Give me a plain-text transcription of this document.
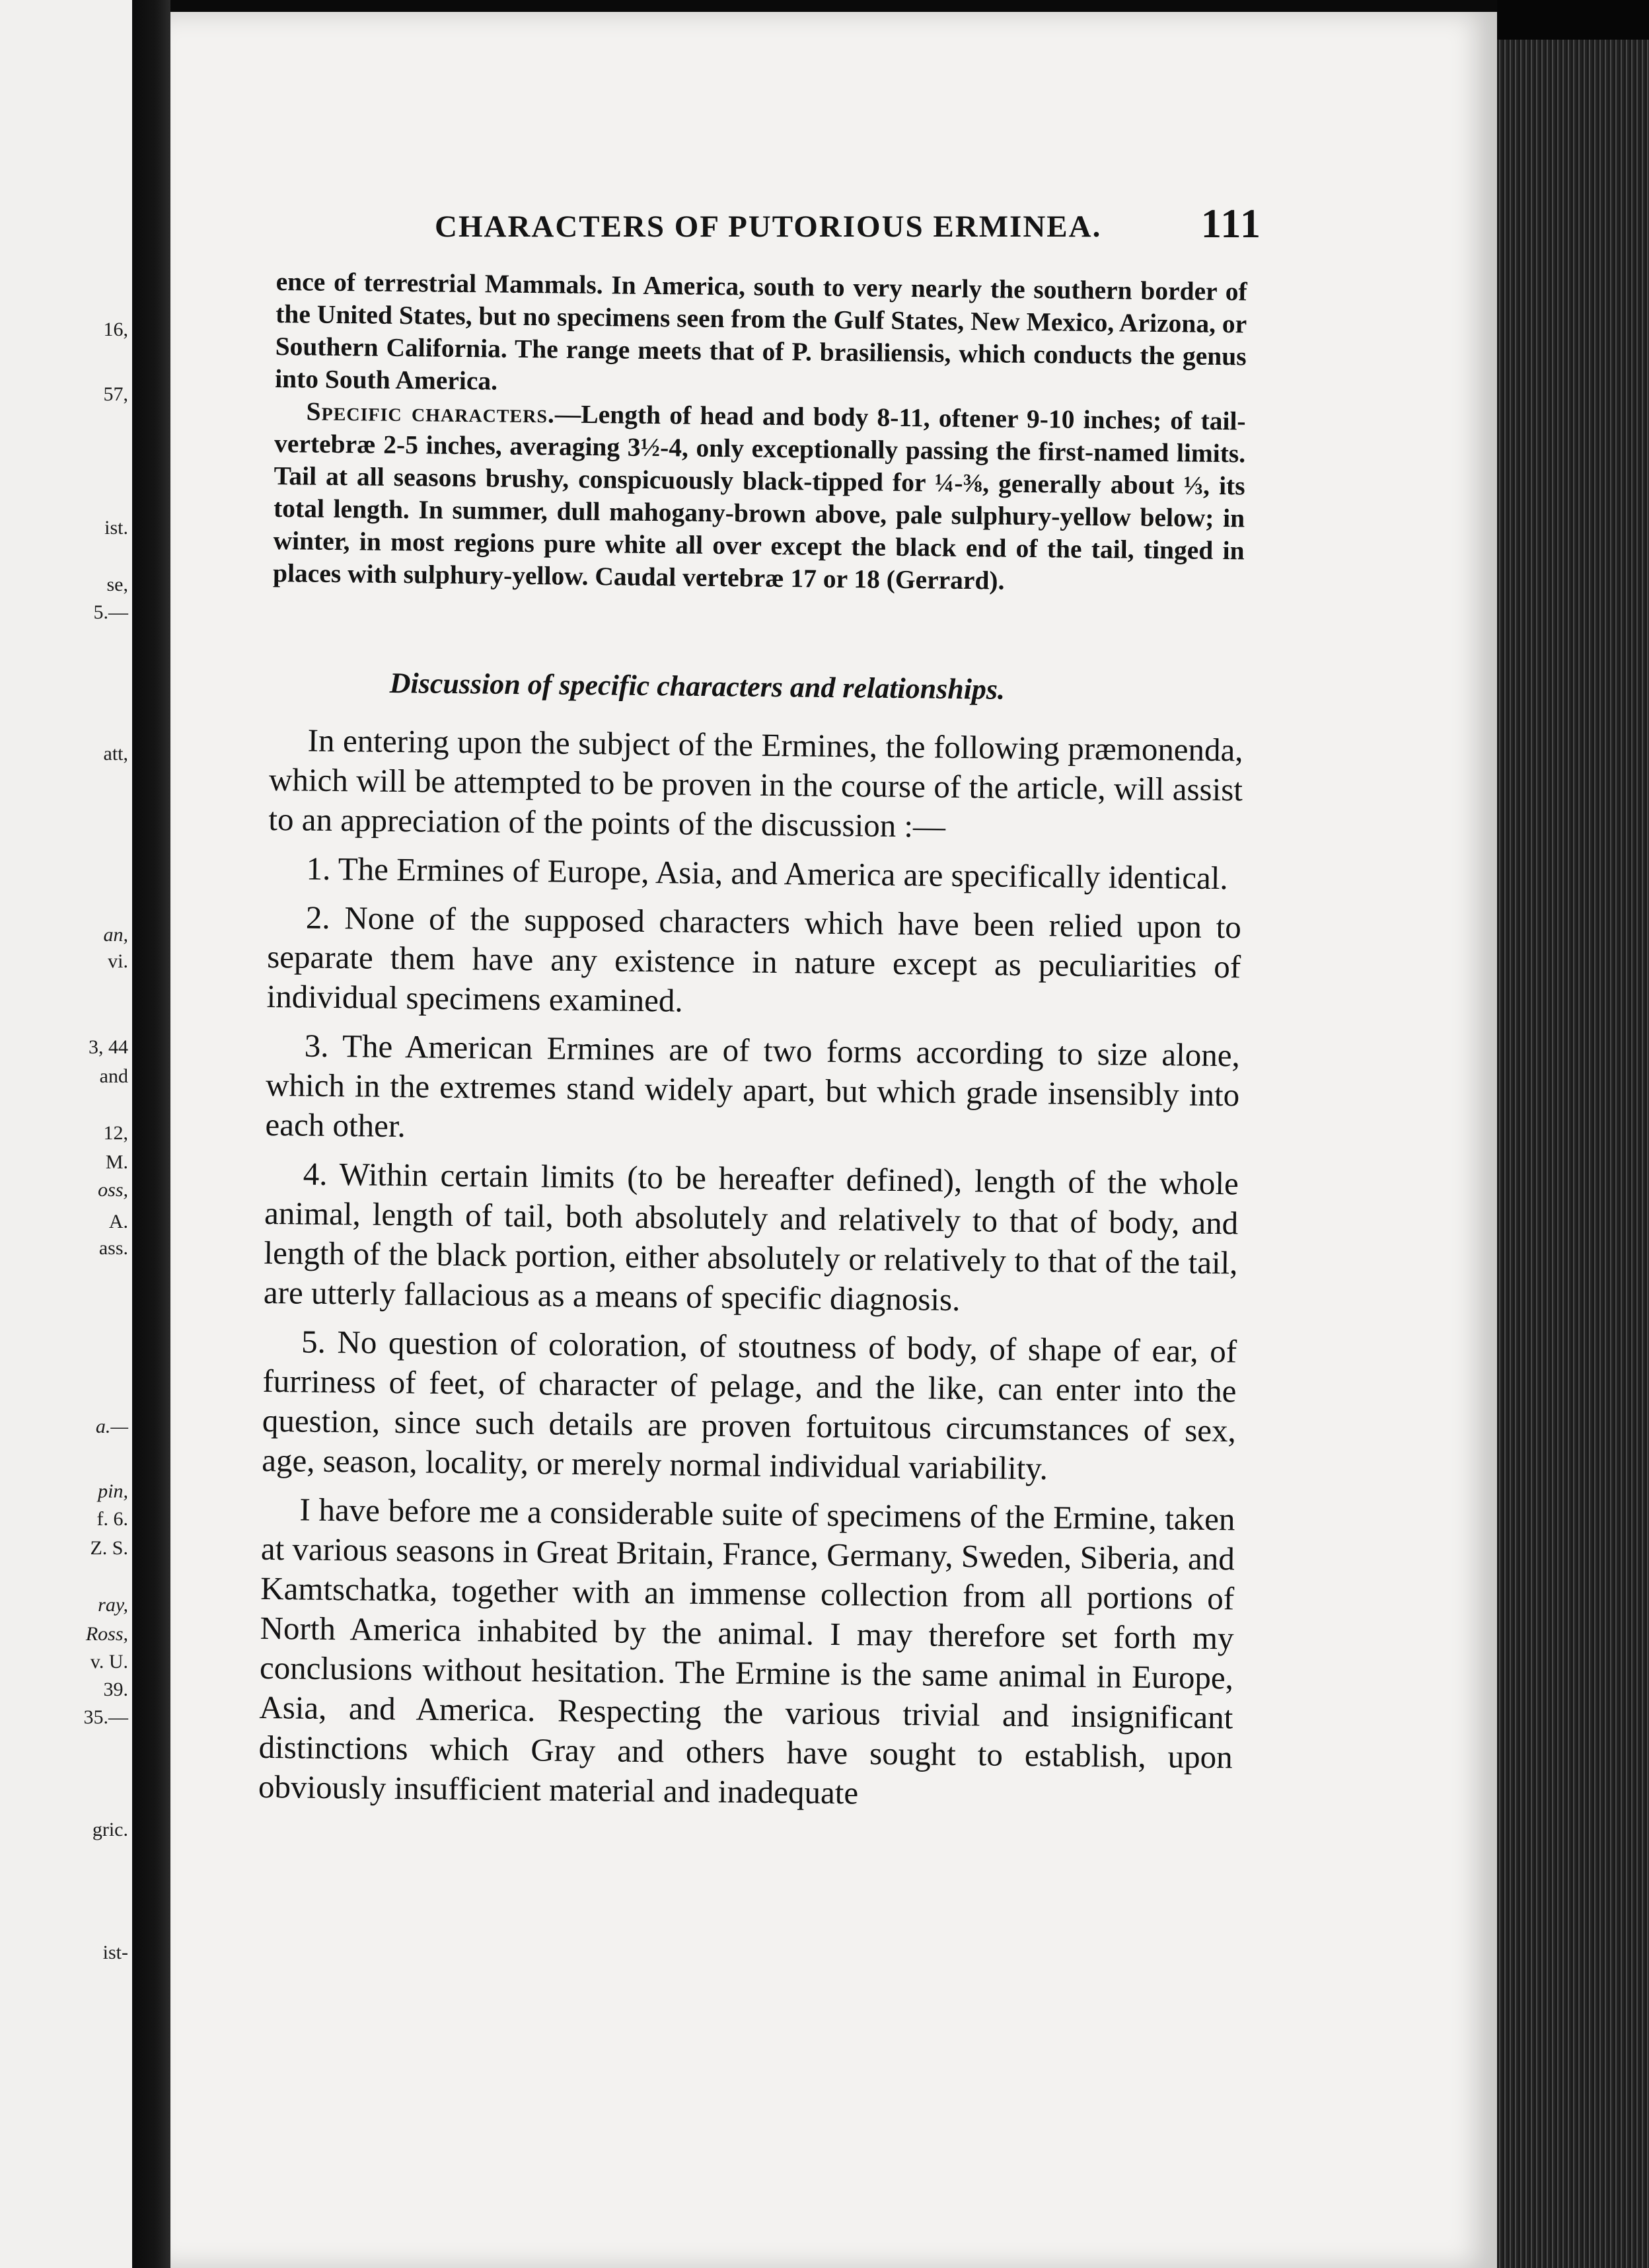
16,
57,
ist.
se,
5.—
att,
an,
vi.
3, 44
and
12,
M.
oss,
A.
ass.
a.—
pin,
f. 6.
Z. S.
ray,
Ross,
v. U.
39.
35.—
gric.
ist-
CHARACTERS OF PUTORIOUS ERMINEA. 111

ence of terrestrial Mammals. In America, south to very nearly the southern border of the United States, but no specimens seen from the Gulf States, New Mexico, Arizona, or Southern California. The range meets that of P. brasiliensis, which conducts the genus into South America.

Specific characters.—Length of head and body 8-11, oftener 9-10 inches; of tail-vertebræ 2-5 inches, averaging 3½-4, only exceptionally passing the first-named limits. Tail at all seasons brushy, conspicuously black-tipped for ¼-⅜, generally about ⅓, its total length. In summer, dull mahogany-brown above, pale sulphury-yellow below; in winter, in most regions pure white all over except the black end of the tail, tinged in places with sulphury-yellow. Caudal vertebræ 17 or 18 (Gerrard).

Discussion of specific characters and relationships.

In entering upon the subject of the Ermines, the following præmonenda, which will be attempted to be proven in the course of the article, will assist to an appreciation of the points of the discussion :—

1. The Ermines of Europe, Asia, and America are specifically identical.

2. None of the supposed characters which have been relied upon to separate them have any existence in nature except as peculiarities of individual specimens examined.

3. The American Ermines are of two forms according to size alone, which in the extremes stand widely apart, but which grade insensibly into each other.

4. Within certain limits (to be hereafter defined), length of the whole animal, length of tail, both absolutely and relatively to that of body, and length of the black portion, either absolutely or relatively to that of the tail, are utterly fallacious as a means of specific diagnosis.

5. No question of coloration, of stoutness of body, of shape of ear, of furriness of feet, of character of pelage, and the like, can enter into the question, since such details are proven fortuitous circumstances of sex, age, season, locality, or merely normal individual variability.

I have before me a considerable suite of specimens of the Ermine, taken at various seasons in Great Britain, France, Germany, Sweden, Siberia, and Kamtschatka, together with an immense collection from all portions of North America inhabited by the animal. I may therefore set forth my conclusions without hesitation. The Ermine is the same animal in Europe, Asia, and America. Respecting the various trivial and insignificant distinctions which Gray and others have sought to establish, upon obviously insufficient material and inadequate
